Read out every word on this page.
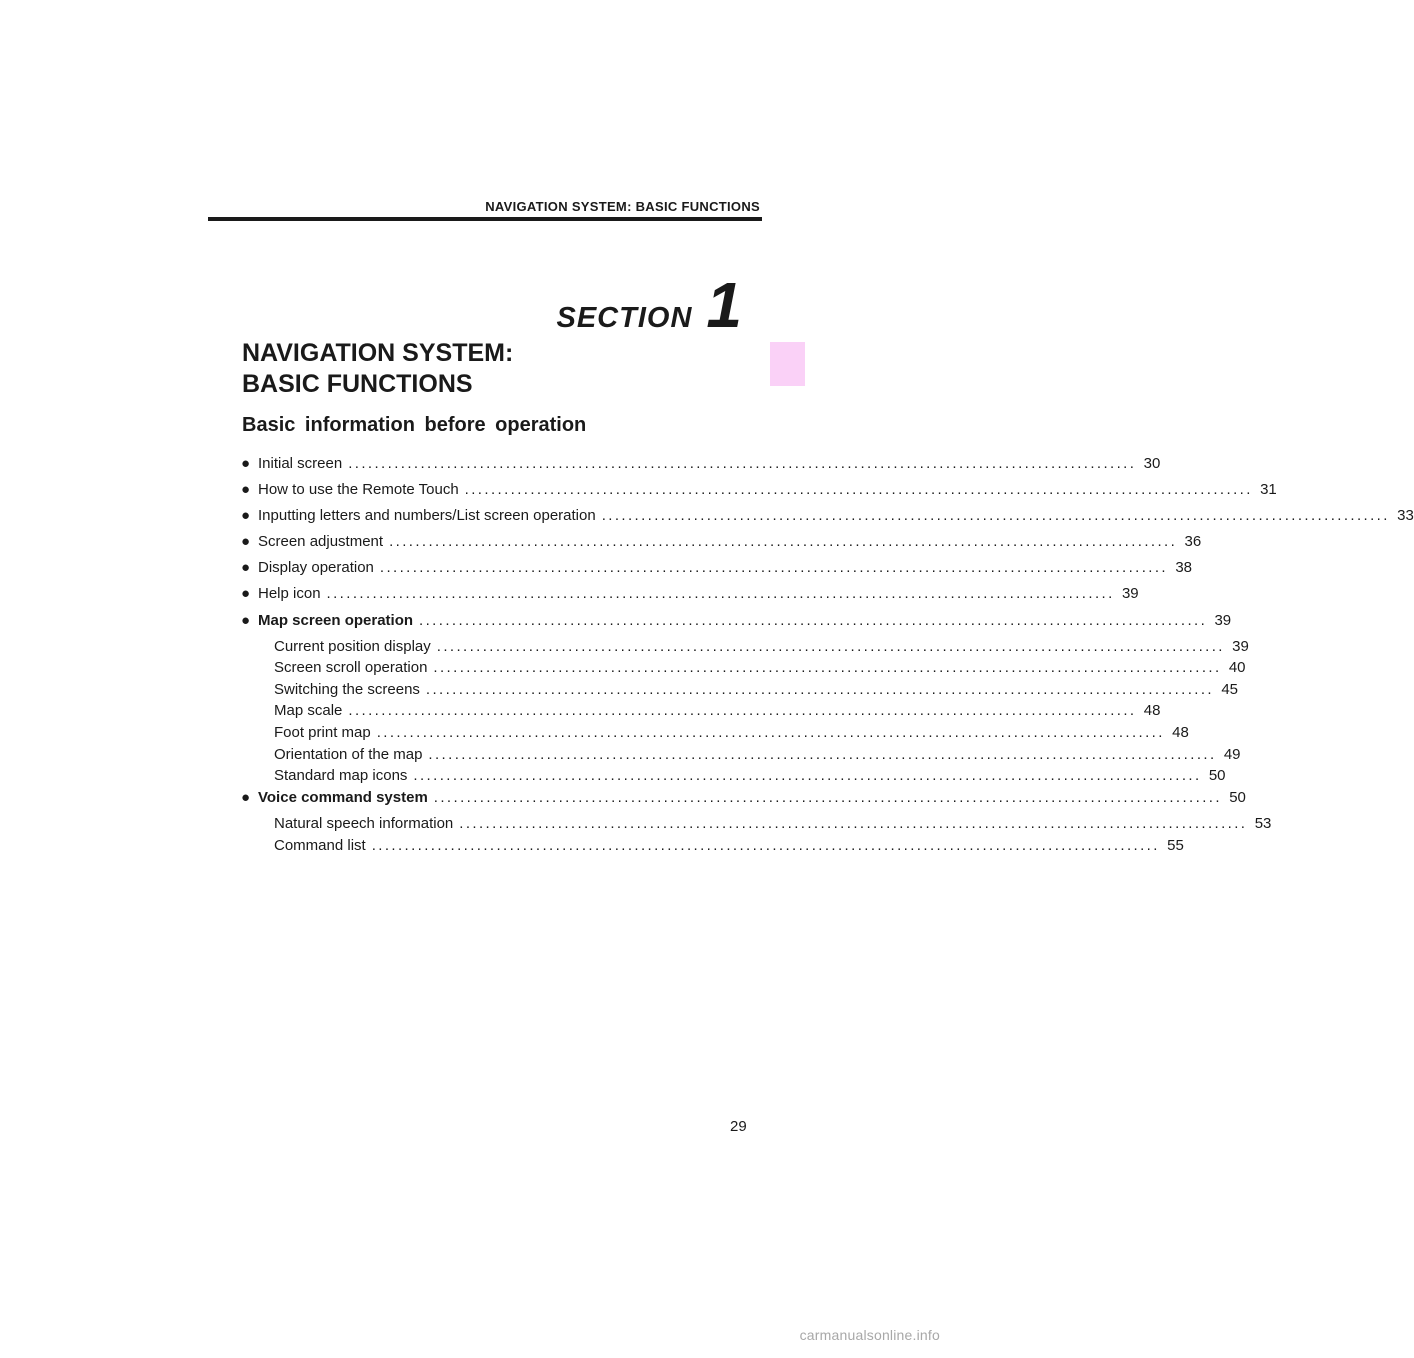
NAVIGATION SYSTEM: BASIC FUNCTIONS
SECTION 1
NAVIGATION SYSTEM:
BASIC FUNCTIONS
Basic information before operation
● Initial screen ........................................................................................................................ 30
● How to use the Remote Touch ........................................................................................................................ 31
● Inputting letters and numbers/List screen operation ........................................................................................................................ 33
● Screen adjustment ........................................................................................................................ 36
● Display operation ........................................................................................................................ 38
● Help icon ........................................................................................................................ 39
● Map screen operation ........................................................................................................................ 39
Current position display ........................................................................................................................ 39
Screen scroll operation ........................................................................................................................ 40
Switching the screens ........................................................................................................................ 45
Map scale ........................................................................................................................ 48
Foot print map ........................................................................................................................ 48
Orientation of the map ........................................................................................................................ 49
Standard map icons ........................................................................................................................ 50
● Voice command system ........................................................................................................................ 50
Natural speech information ........................................................................................................................ 53
Command list ........................................................................................................................ 55
29
carmanualsonline.info
